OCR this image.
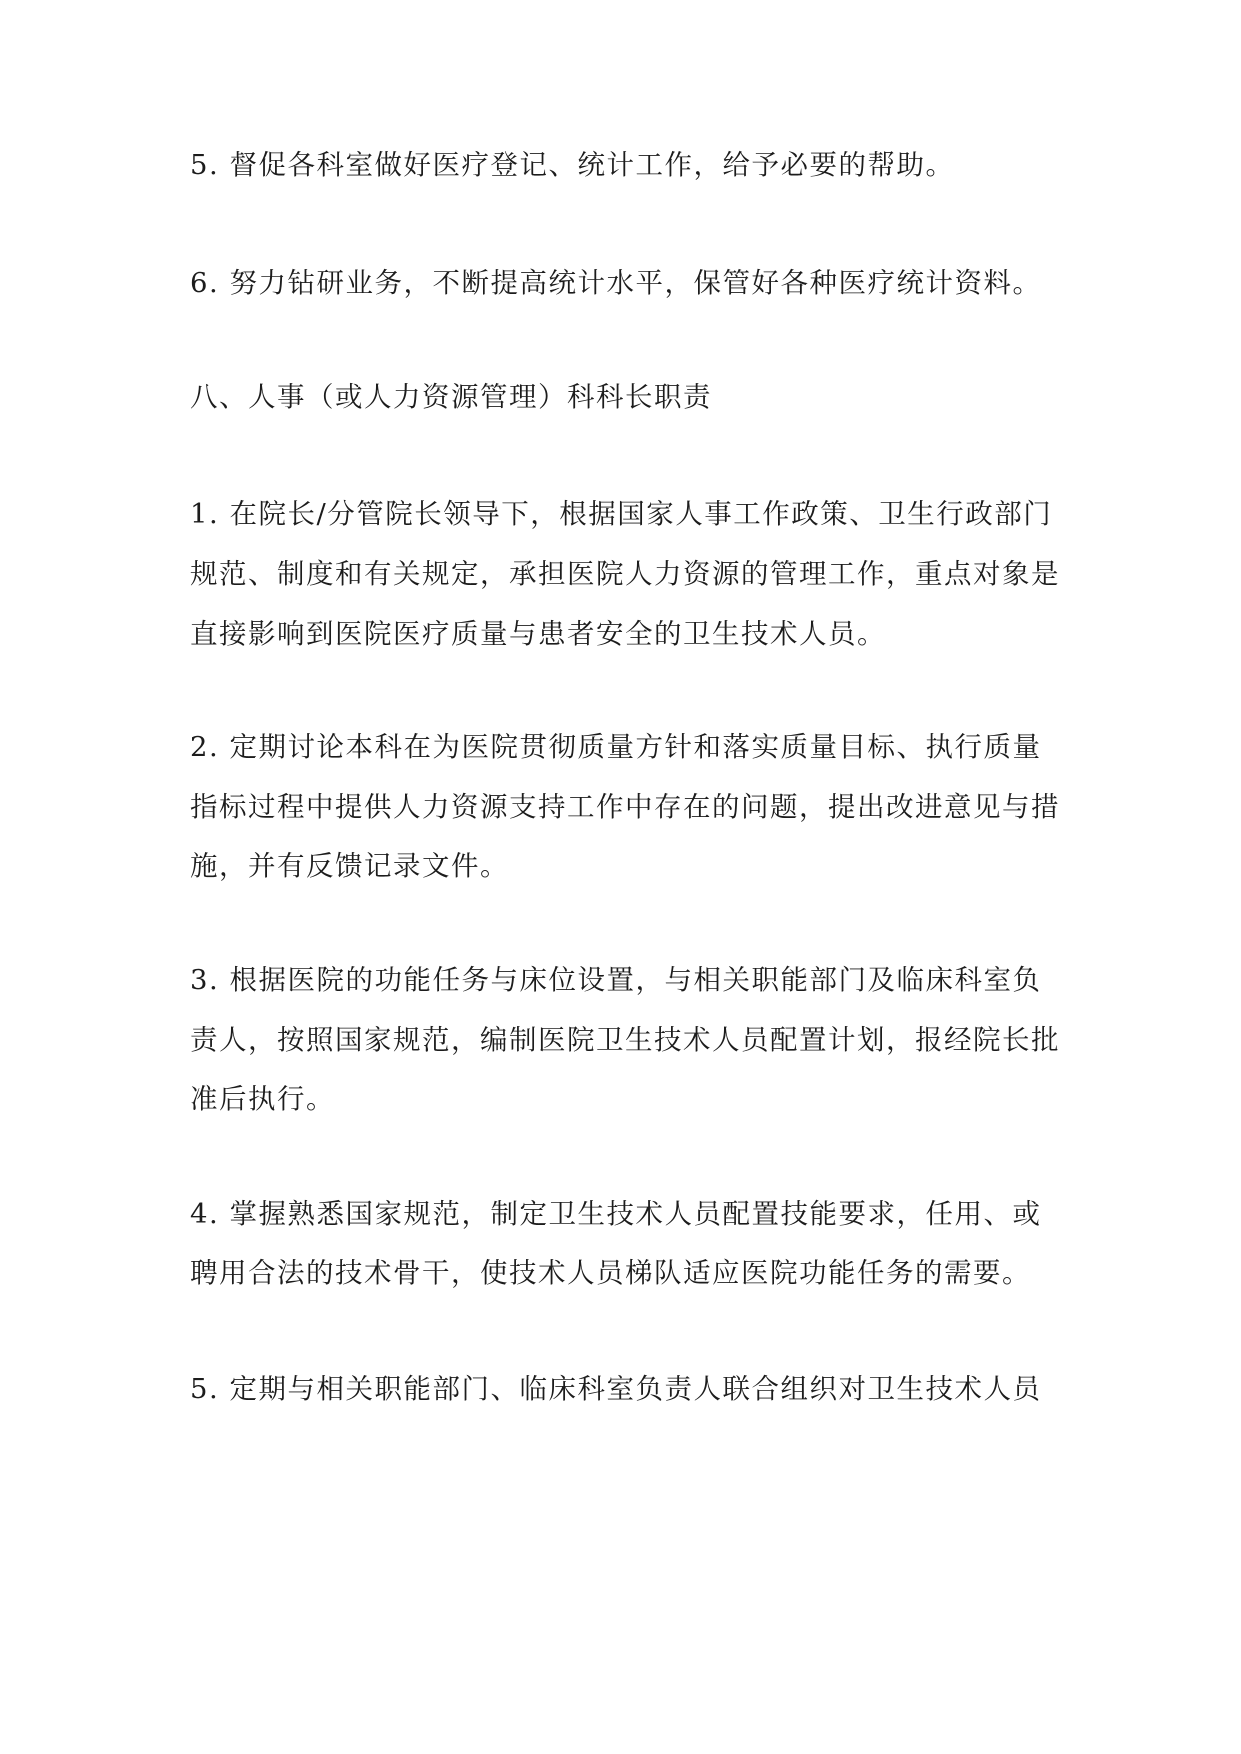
5. 督促各科室做好医疗登记、统计工作，给予必要的帮助。

6. 努力钻研业务，不断提高统计水平，保管好各种医疗统计资料。

八、人事（或人力资源管理）科科长职责

1. 在院长/分管院长领导下，根据国家人事工作政策、卫生行政部门

规范、制度和有关规定，承担医院人力资源的管理工作，重点对象是

直接影响到医院医疗质量与患者安全的卫生技术人员。

2. 定期讨论本科在为医院贯彻质量方针和落实质量目标、执行质量

指标过程中提供人力资源支持工作中存在的问题，提出改进意见与措

施，并有反馈记录文件。

3. 根据医院的功能任务与床位设置，与相关职能部门及临床科室负

责人，按照国家规范，编制医院卫生技术人员配置计划，报经院长批

准后执行。

4. 掌握熟悉国家规范，制定卫生技术人员配置技能要求，任用、或

聘用合法的技术骨干，使技术人员梯队适应医院功能任务的需要。

5. 定期与相关职能部门、临床科室负责人联合组织对卫生技术人员
